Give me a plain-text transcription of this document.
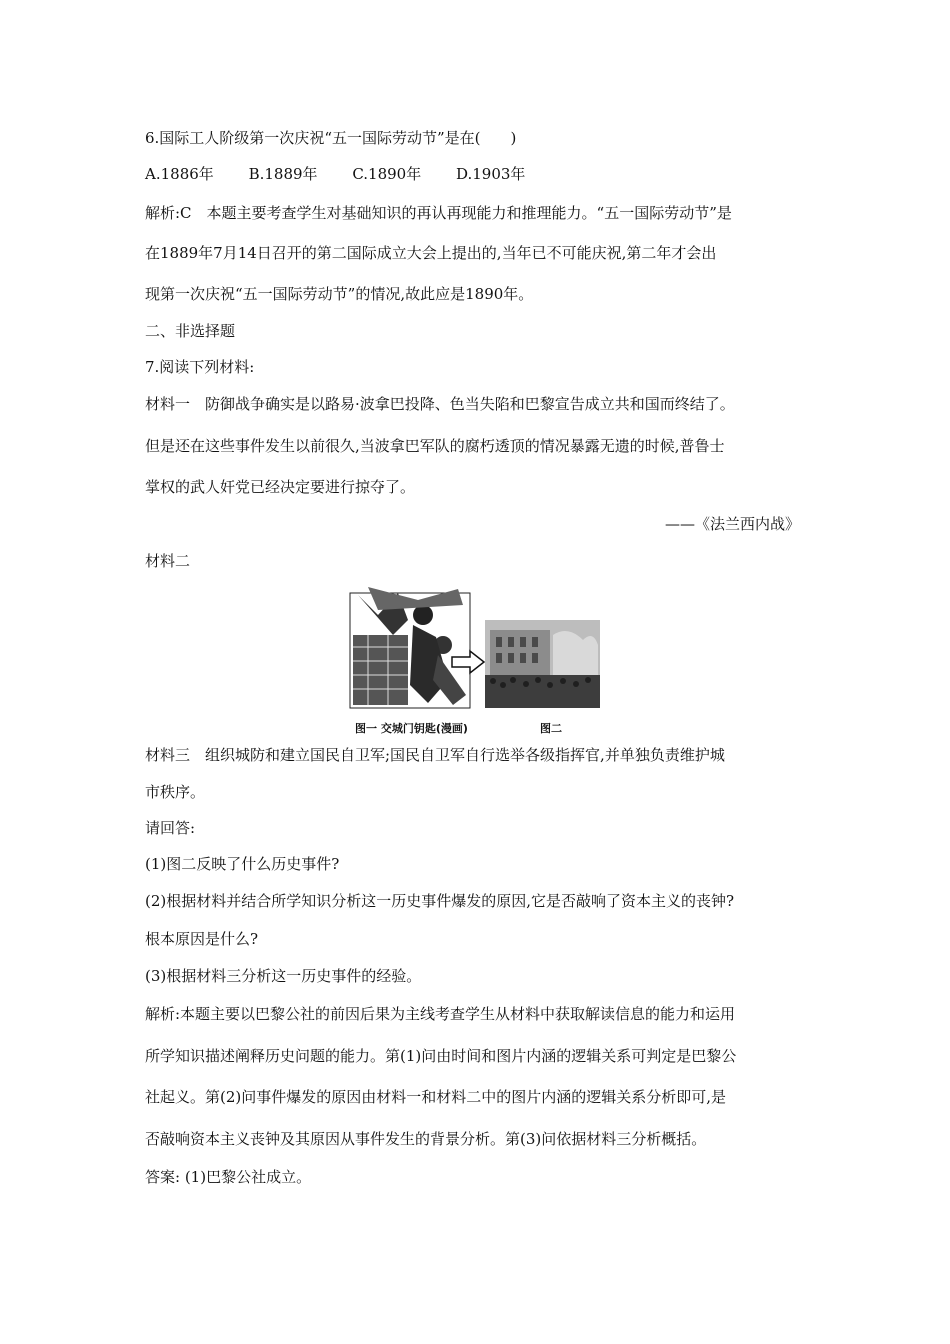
6.国际工人阶级第一次庆祝“五一国际劳动节”是在(　　)
A.1886年 B.1889年 C.1890年 D.1903年
解析:C　本题主要考查学生对基础知识的再认再现能力和推理能力。“五一国际劳动节”是
在1889年7月14日召开的第二国际成立大会上提出的,当年已不可能庆祝,第二年才会出
现第一次庆祝“五一国际劳动节”的情况,故此应是1890年。
二、非选择题
7.阅读下列材料:
材料一　防御战争确实是以路易·波拿巴投降、色当失陷和巴黎宣告成立共和国而终结了。
但是还在这些事件发生以前很久,当波拿巴军队的腐朽透顶的情况暴露无遗的时候,普鲁士
掌权的武人奸党已经决定要进行掠夺了。
——《法兰西内战》
材料二
图一 交城门钥匙(漫画)	图二
材料三　组织城防和建立国民自卫军;国民自卫军自行选举各级指挥官,并单独负责维护城
市秩序。
请回答:
(1)图二反映了什么历史事件?
(2)根据材料并结合所学知识分析这一历史事件爆发的原因,它是否敲响了资本主义的丧钟?
根本原因是什么?
(3)根据材料三分析这一历史事件的经验。
解析:本题主要以巴黎公社的前因后果为主线考查学生从材料中获取解读信息的能力和运用
所学知识描述阐释历史问题的能力。第(1)问由时间和图片内涵的逻辑关系可判定是巴黎公
社起义。第(2)问事件爆发的原因由材料一和材料二中的图片内涵的逻辑关系分析即可,是
否敲响资本主义丧钟及其原因从事件发生的背景分析。第(3)问依据材料三分析概括。
答案: (1)巴黎公社成立。
